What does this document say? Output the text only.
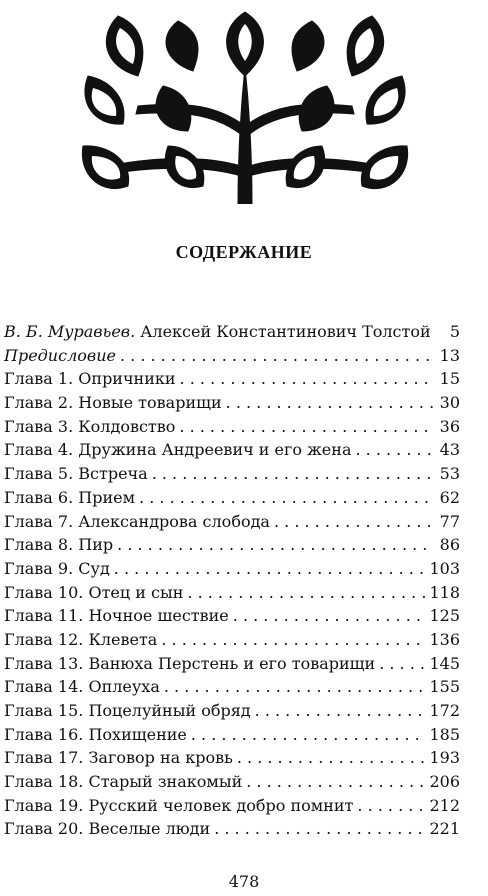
СОДЕРЖАНИЕ
В. Б. Муравьев. Алексей Константинович Толстой	5
Предисловие . . .	13
Глава 1. Опричники . . .	15
Глава 2. Новые товарищи . . .	30
Глава 3. Колдовство . . .	36
Глава 4. Дружина Андреевич и его жена . . .	43
Глава 5. Встреча . . .	53
Глава 6. Прием . . .	62
Глава 7. Александрова слобода . . .	77
Глава 8. Пир . . .	86
Глава 9. Суд . . .	103
Глава 10. Отец и сын . . .	118
Глава 11. Ночное шествие . . .	125
Глава 12. Клевета . . .	136
Глава 13. Ванюха Перстень и его товарищи . . .	145
Глава 14. Оплеуха . . .	155
Глава 15. Поцелуйный обряд . . .	172
Глава 16. Похищение . . .	185
Глава 17. Заговор на кровь . . .	193
Глава 18. Старый знакомый . . .	206
Глава 19. Русский человек добро помнит . . .	212
Глава 20. Веселые люди . . .	221
478
